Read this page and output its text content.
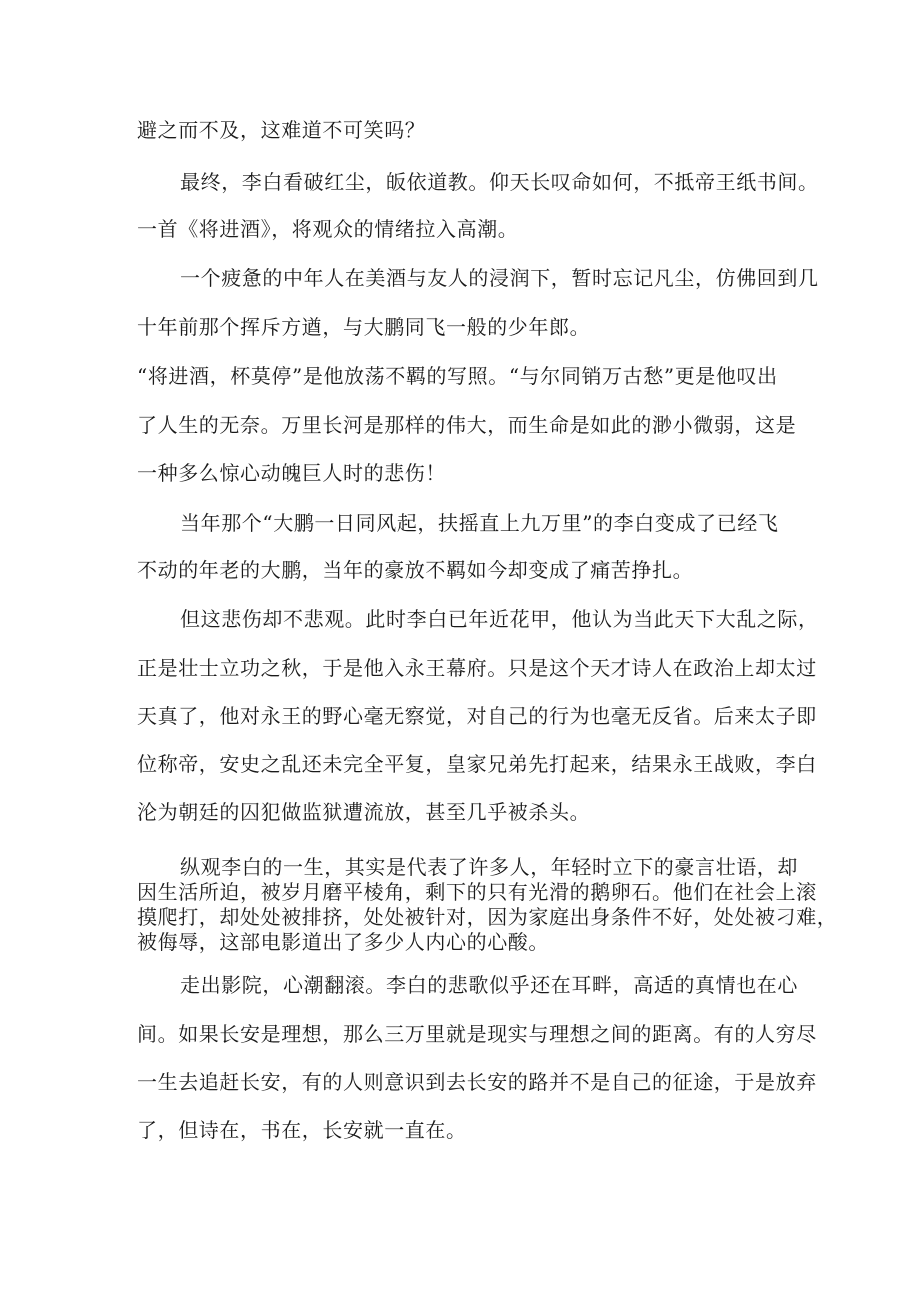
避之而不及，这难道不可笑吗？
最终，李白看破红尘，皈依道教。仰天长叹命如何，不抵帝王纸书间。
一首《将进酒》，将观众的情绪拉入高潮。
一个疲惫的中年人在美酒与友人的浸润下，暂时忘记凡尘，仿佛回到几
十年前那个挥斥方遒，与大鹏同飞一般的少年郎。
“将进酒，杯莫停”是他放荡不羁的写照。“与尔同销万古愁”更是他叹出
了人生的无奈。万里长河是那样的伟大，而生命是如此的渺小微弱，这是
一种多么惊心动魄巨人时的悲伤！
当年那个“大鹏一日同风起，扶摇直上九万里”的李白变成了已经飞
不动的年老的大鹏，当年的豪放不羁如今却变成了痛苦挣扎。
但这悲伤却不悲观。此时李白已年近花甲，他认为当此天下大乱之际，
正是壮士立功之秋，于是他入永王幕府。只是这个天才诗人在政治上却太过
天真了，他对永王的野心毫无察觉，对自己的行为也毫无反省。后来太子即
位称帝，安史之乱还未完全平复，皇家兄弟先打起来，结果永王战败，李白
沦为朝廷的囚犯做监狱遭流放，甚至几乎被杀头。
纵观李白的一生，其实是代表了许多人，年轻时立下的豪言壮语，却
因生活所迫，被岁月磨平棱角，剩下的只有光滑的鹅卵石。他们在社会上滚
摸爬打，却处处被排挤，处处被针对，因为家庭出身条件不好，处处被刁难，
被侮辱，这部电影道出了多少人内心的心酸。
走出影院，心潮翻滚。李白的悲歌似乎还在耳畔，高适的真情也在心
间。如果长安是理想，那么三万里就是现实与理想之间的距离。有的人穷尽
一生去追赶长安，有的人则意识到去长安的路并不是自己的征途，于是放弃
了，但诗在，书在，长安就一直在。
